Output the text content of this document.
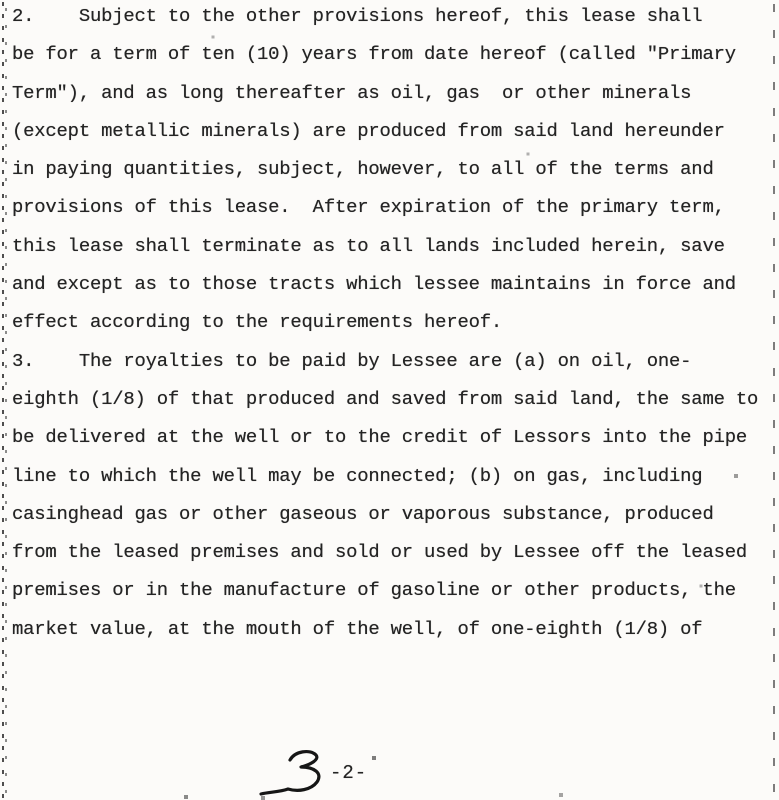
2.    Subject to the other provisions hereof, this lease shall
be for a term of ten (10) years from date hereof (called "Primary
Term"), and as long thereafter as oil, gas  or other minerals
(except metallic minerals) are produced from said land hereunder
in paying quantities, subject, however, to all of the terms and
provisions of this lease.  After expiration of the primary term,
this lease shall terminate as to all lands included herein, save
and except as to those tracts which lessee maintains in force and
effect according to the requirements hereof.
3.    The royalties to be paid by Lessee are (a) on oil, one-
eighth (1/8) of that produced and saved from said land, the same to
be delivered at the well or to the credit of Lessors into the pipe
line to which the well may be connected; (b) on gas, including
casinghead gas or other gaseous or vaporous substance, produced
from the leased premises and sold or used by Lessee off the leased
premises or in the manufacture of gasoline or other products, the
market value, at the mouth of the well, of one-eighth (1/8) of
-2-
